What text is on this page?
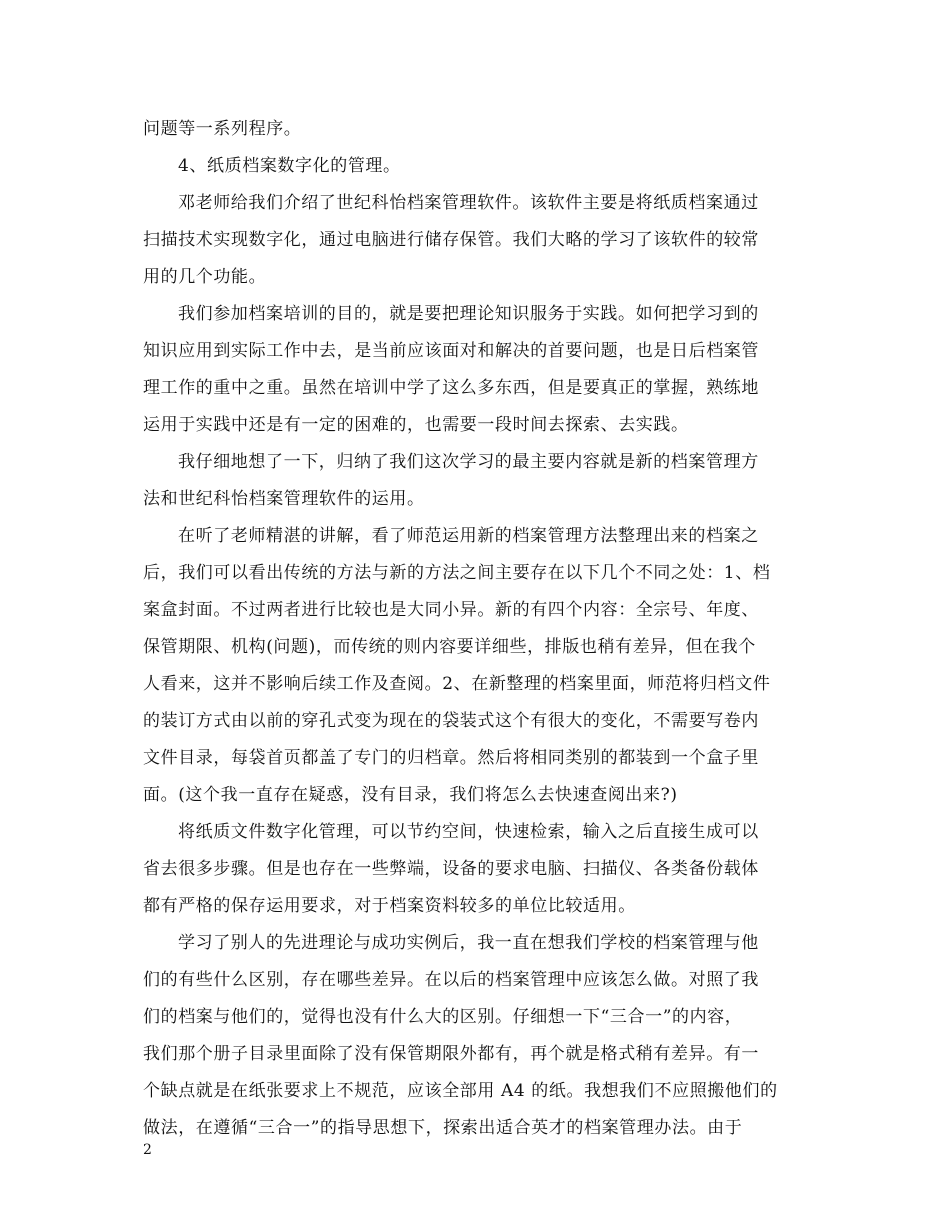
问题等一系列程序。
4、纸质档案数字化的管理。
邓老师给我们介绍了世纪科怡档案管理软件。该软件主要是将纸质档案通过
扫描技术实现数字化，通过电脑进行储存保管。我们大略的学习了该软件的较常
用的几个功能。
我们参加档案培训的目的，就是要把理论知识服务于实践。如何把学习到的
知识应用到实际工作中去，是当前应该面对和解决的首要问题，也是日后档案管
理工作的重中之重。虽然在培训中学了这么多东西，但是要真正的掌握，熟练地
运用于实践中还是有一定的困难的，也需要一段时间去探索、去实践。
我仔细地想了一下，归纳了我们这次学习的最主要内容就是新的档案管理方
法和世纪科怡档案管理软件的运用。
在听了老师精湛的讲解，看了师范运用新的档案管理方法整理出来的档案之
后，我们可以看出传统的方法与新的方法之间主要存在以下几个不同之处：1、档
案盒封面。不过两者进行比较也是大同小异。新的有四个内容：全宗号、年度、
保管期限、机构(问题)，而传统的则内容要详细些，排版也稍有差异，但在我个
人看来，这并不影响后续工作及查阅。2、在新整理的档案里面，师范将归档文件
的装订方式由以前的穿孔式变为现在的袋装式这个有很大的变化，不需要写卷内
文件目录，每袋首页都盖了专门的归档章。然后将相同类别的都装到一个盒子里
面。(这个我一直存在疑惑，没有目录，我们将怎么去快速查阅出来?)
将纸质文件数字化管理，可以节约空间，快速检索，输入之后直接生成可以
省去很多步骤。但是也存在一些弊端，设备的要求电脑、扫描仪、各类备份载体
都有严格的保存运用要求，对于档案资料较多的单位比较适用。
学习了别人的先进理论与成功实例后，我一直在想我们学校的档案管理与他
们的有些什么区别，存在哪些差异。在以后的档案管理中应该怎么做。对照了我
们的档案与他们的，觉得也没有什么大的区别。仔细想一下“三合一”的内容，
我们那个册子目录里面除了没有保管期限外都有，再个就是格式稍有差异。有一
个缺点就是在纸张要求上不规范，应该全部用 A4 的纸。我想我们不应照搬他们的
做法，在遵循“三合一”的指导思想下，探索出适合英才的档案管理办法。由于
2
